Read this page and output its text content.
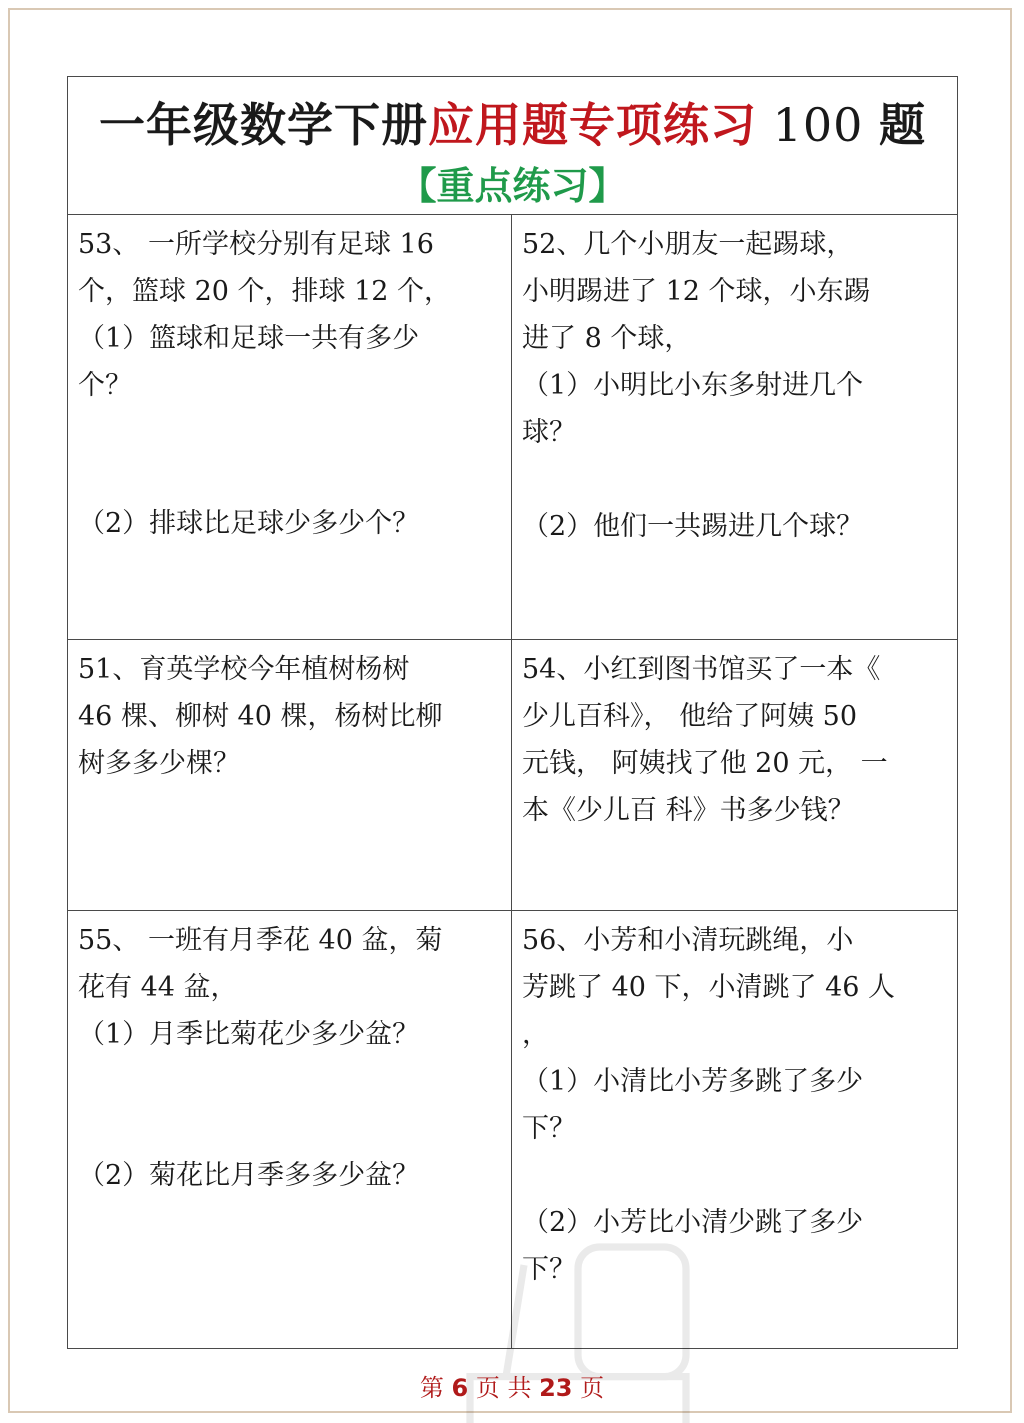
一年级数学下册应用题专项练习 100 题
【重点练习】

53、 一所学校分别有足球 16

个，篮球 20 个，排球 12 个，

（1）篮球和足球一共有多少

个？

（2）排球比足球少多少个？

52、几个小朋友一起踢球，

小明踢进了 12 个球，小东踢

进了 8 个球，

（1）小明比小东多射进几个

球？

（2）他们一共踢进几个球？

51、育英学校今年植树杨树

46 棵、柳树 40 棵，杨树比柳

树多多少棵？

54、小红到图书馆买了一本《

少儿百科》， 他给了阿姨 50

元钱， 阿姨找了他 20 元， 一

本《少儿百 科》书多少钱？

55、 一班有月季花 40 盆，菊

花有 44 盆，

（1）月季比菊花少多少盆？

（2）菊花比月季多多少盆？

56、小芳和小清玩跳绳，小

芳跳了 40 下，小清跳了 46 人

，

（1）小清比小芳多跳了多少

下？

（2）小芳比小清少跳了多少

下？

第 6 页 共 23 页
